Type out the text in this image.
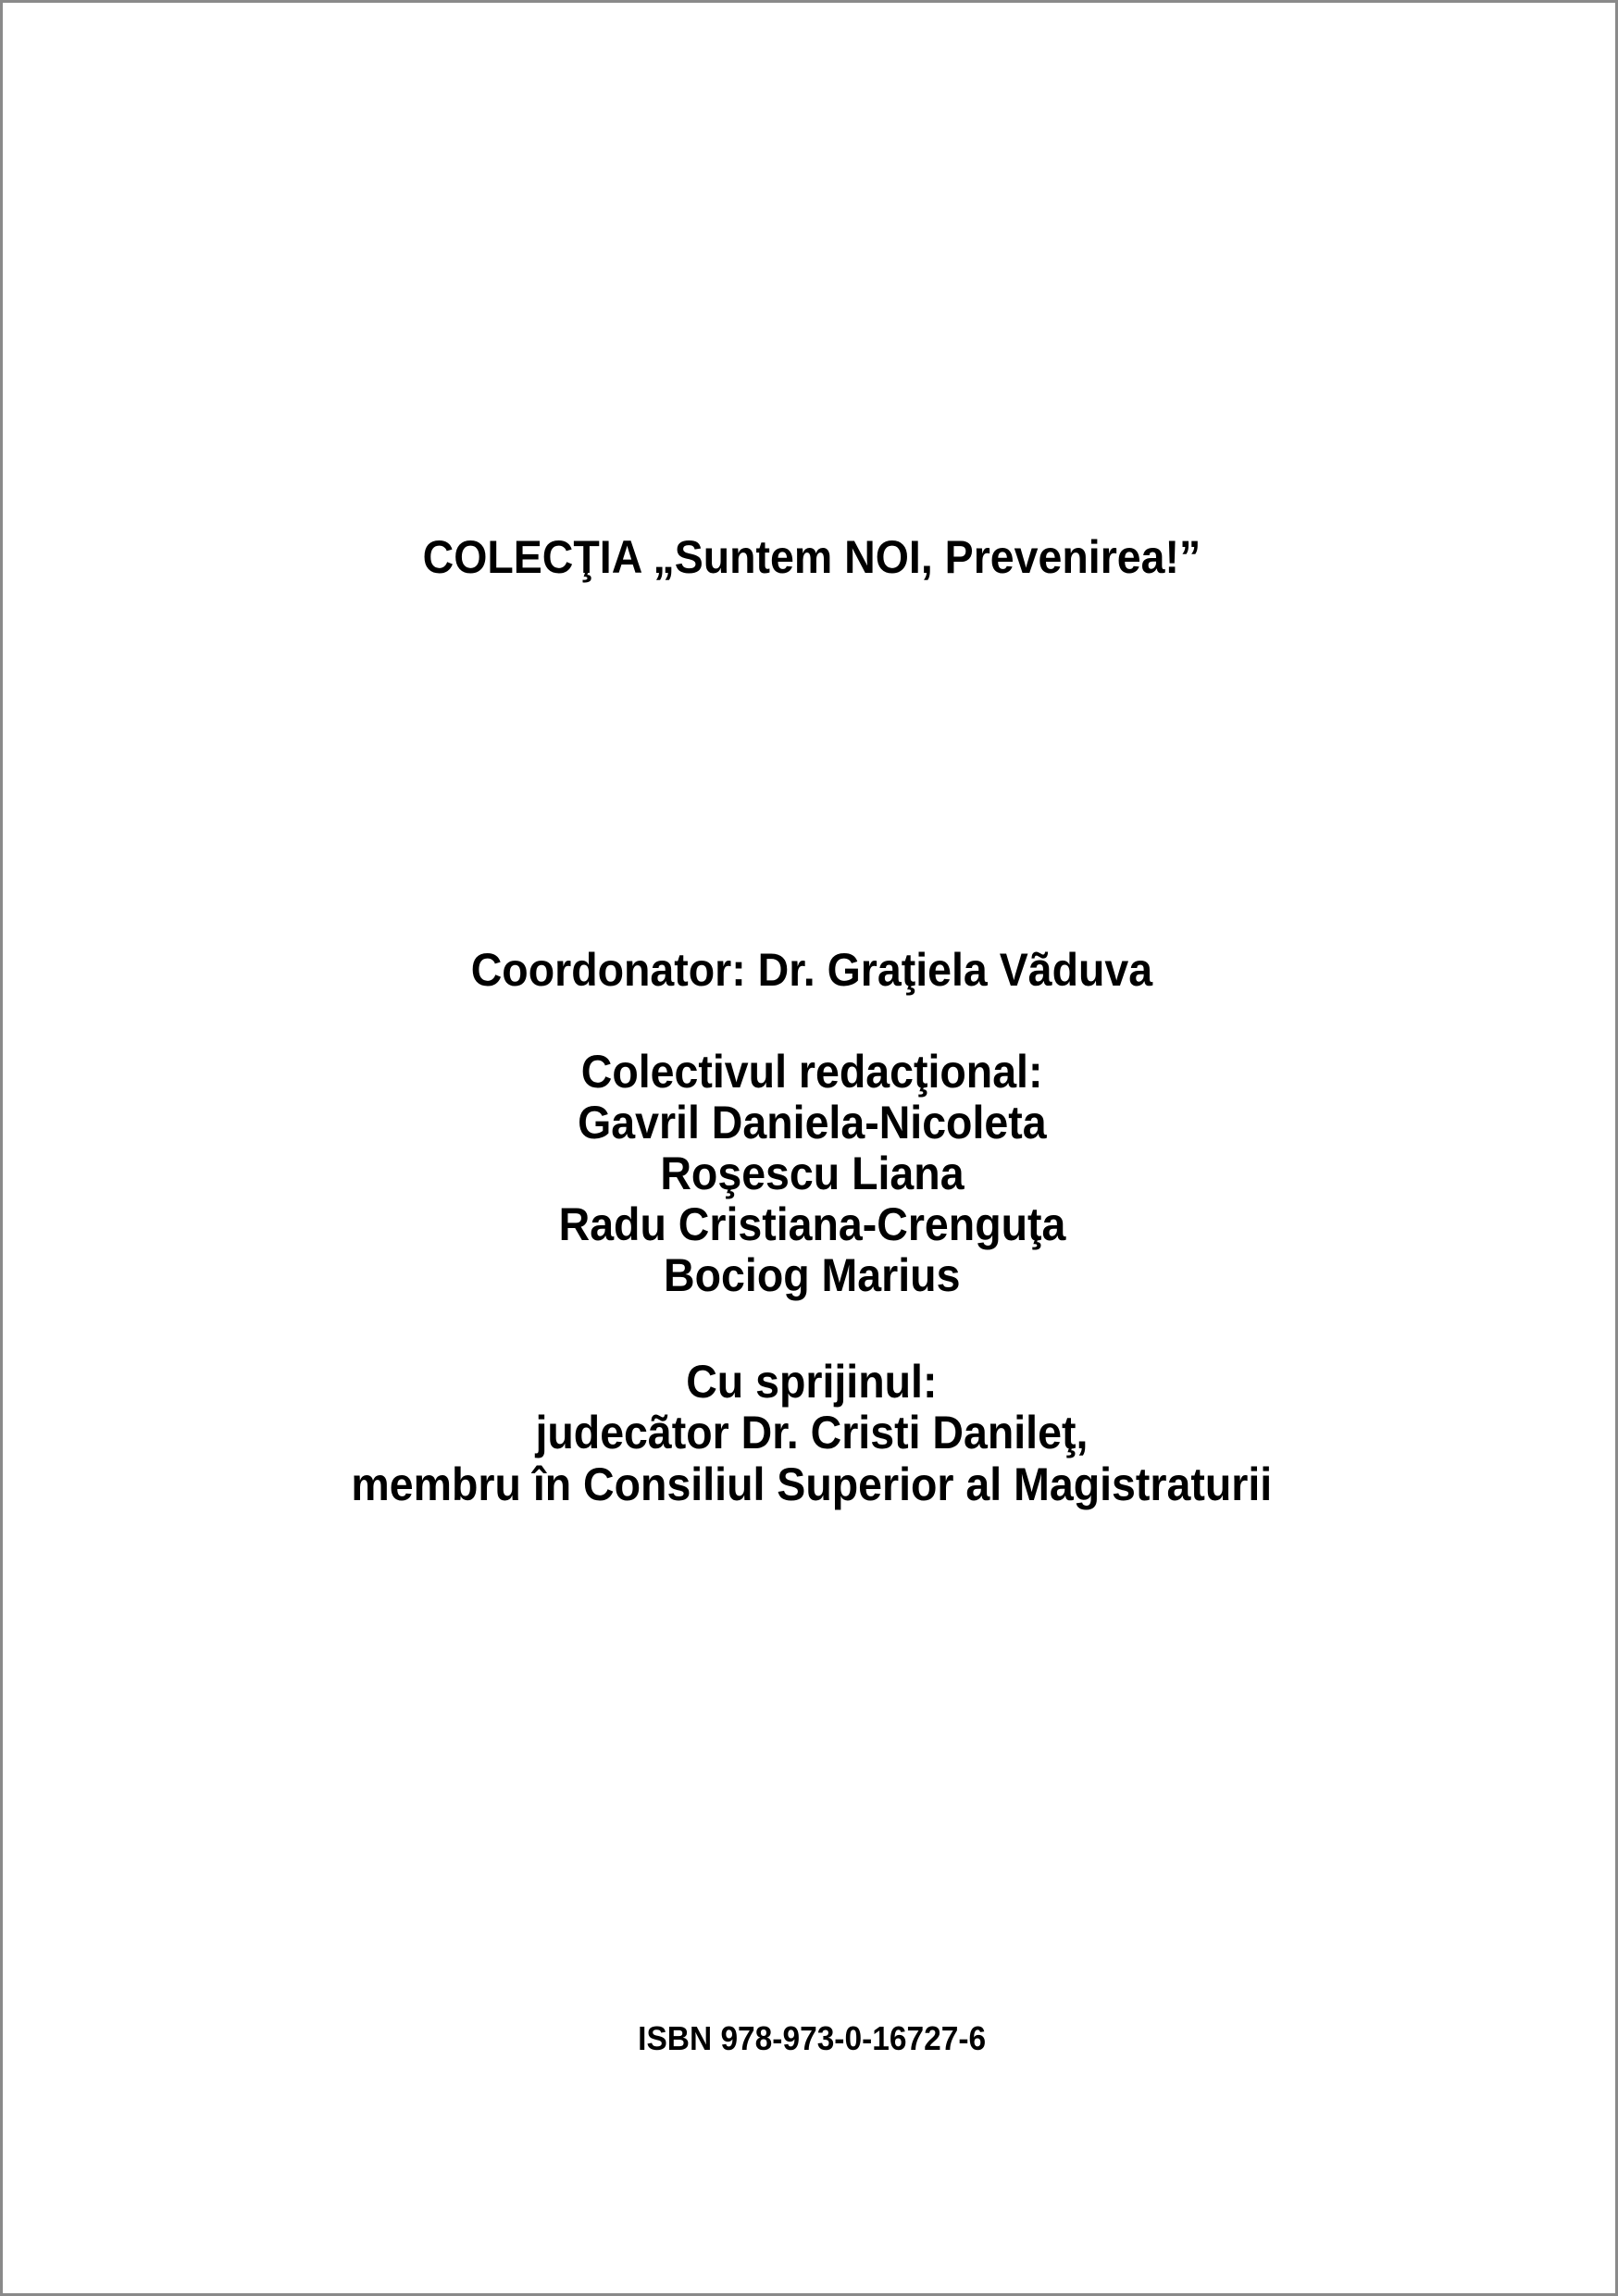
COLECŢIA „Suntem NOI, Prevenirea!”
Coordonator: Dr. Graţiela Vãduva
Colectivul redacţional:
Gavril Daniela-Nicoleta
Roşescu Liana
Radu Cristiana-Crenguţa
Bociog Marius
Cu sprijinul:
judecãtor Dr. Cristi Danileţ,
membru în Consiliul Superior al Magistraturii
ISBN 978-973-0-16727-6
